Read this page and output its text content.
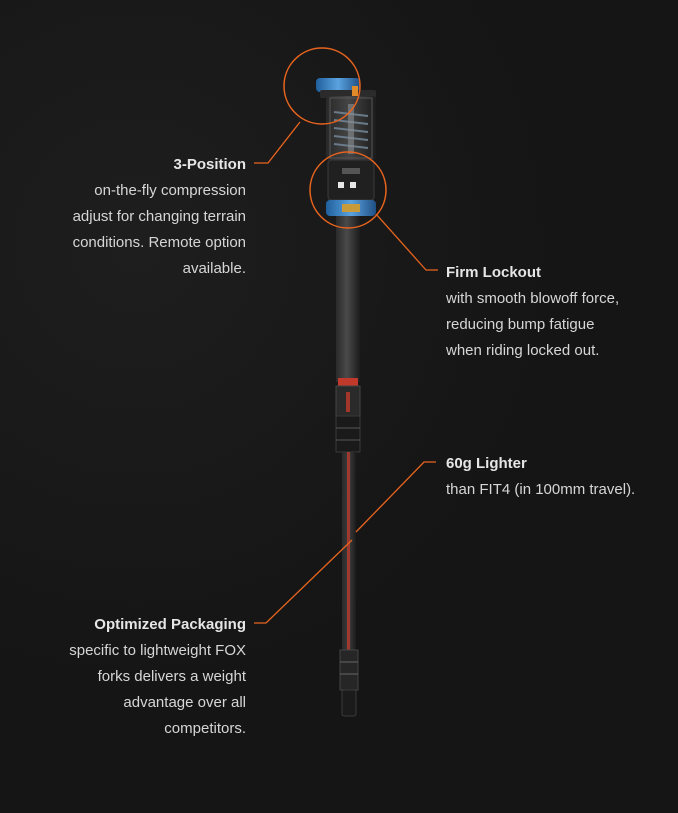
3-Position
on-the-fly compression
adjust for changing terrain
conditions. Remote option
available.	Firm Lockout
with smooth blowoff force,
reducing bump fatigue
when riding locked out.
60g Lighter
than FIT4 (in 100mm travel).
Optimized Packaging
specific to lightweight FOX
forks delivers a weight
advantage over all
competitors.
